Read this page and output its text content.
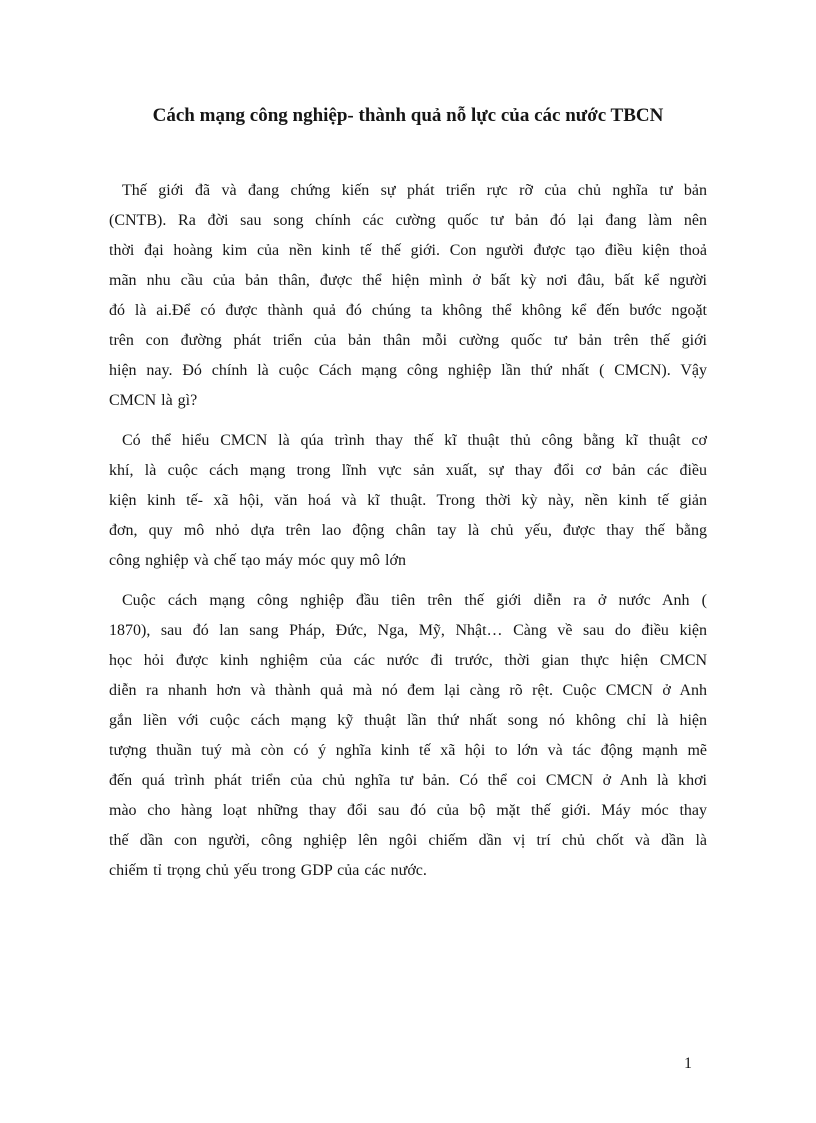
Cách mạng công nghiệp- thành quả nỗ lực của các nước TBCN
Thế giới đã và đang chứng kiến sự phát triển rực rỡ của chủ nghĩa tư bản
(CNTB). Ra đời sau song chính các cường quốc tư bản đó lại đang làm nên
thời đại hoàng kim của nền kinh tế thế giới. Con người được tạo điều kiện thoả
mãn nhu cầu của bản thân, được thể hiện mình ở bất kỳ nơi đâu, bất kể người
đó là ai.Để có được thành quả đó chúng ta không thể không kể đến bước ngoặt
trên con đường phát triển của bản thân mỗi cường quốc tư bản trên thế giới
hiện nay. Đó chính là cuộc Cách mạng công nghiệp lần thứ nhất ( CMCN). Vậy
CMCN là gì?
Có thể hiểu CMCN là qúa trình thay thế kĩ thuật thủ công bằng kĩ thuật cơ
khí, là cuộc cách mạng trong lĩnh vực sản xuất, sự thay đổi cơ bản các điều
kiện kinh tế- xã hội, văn hoá và kĩ thuật. Trong thời kỳ này, nền kinh tế giản
đơn, quy mô nhỏ dựa trên lao động chân tay là chủ yếu, được thay thế bằng
công nghiệp và chế tạo máy móc quy mô lớn
Cuộc cách mạng công nghiệp đầu tiên trên thế giới diễn ra ở nước Anh (
1870), sau đó lan sang Pháp, Đức, Nga, Mỹ, Nhật… Càng về sau do điều kiện
học hỏi được kinh nghiệm của các nước đi trước, thời gian thực hiện CMCN
diễn ra nhanh hơn và thành quả mà nó đem lại càng rõ rệt. Cuộc CMCN ở Anh
gắn liền với cuộc cách mạng kỹ thuật lần thứ nhất song nó không chỉ là hiện
tượng thuần tuý mà còn có ý nghĩa kinh tế xã hội to lớn và tác động mạnh mẽ
đến quá trình phát triển của chủ nghĩa tư bản. Có thể coi CMCN ở Anh là khơi
mào cho hàng loạt những thay đổi sau đó của bộ mặt thế giới. Máy móc thay
thế dần con người, công nghiệp lên ngôi chiếm dần vị trí chủ chốt và dần là
chiếm tỉ trọng chủ yếu trong GDP của các nước.
1
